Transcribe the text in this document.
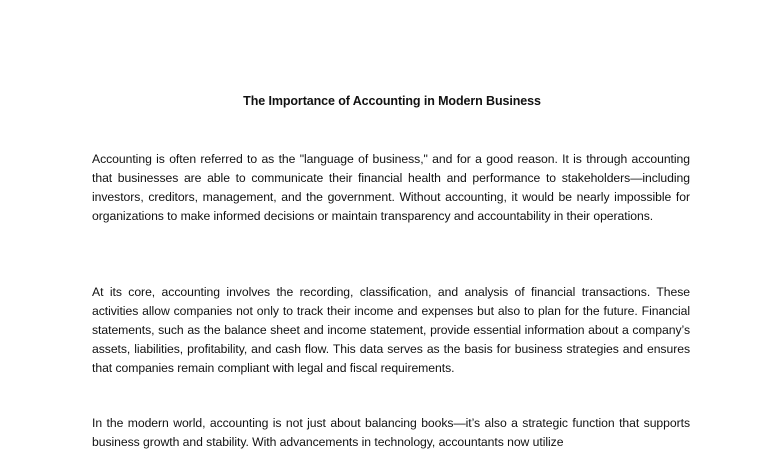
The Importance of Accounting in Modern Business

Accounting is often referred to as the "language of business," and for a good reason. It is through accounting that businesses are able to communicate their financial health and performance to stakeholders—including investors, creditors, management, and the government. Without accounting, it would be nearly impossible for organizations to make informed decisions or maintain transparency and accountability in their operations.

At its core, accounting involves the recording, classification, and analysis of financial transactions. These activities allow companies not only to track their income and expenses but also to plan for the future. Financial statements, such as the balance sheet and income statement, provide essential information about a company’s assets, liabilities, profitability, and cash flow. This data serves as the basis for business strategies and ensures that companies remain compliant with legal and fiscal requirements.

In the modern world, accounting is not just about balancing books—it’s also a strategic function that supports business growth and stability. With advancements in technology, accountants now utilize
